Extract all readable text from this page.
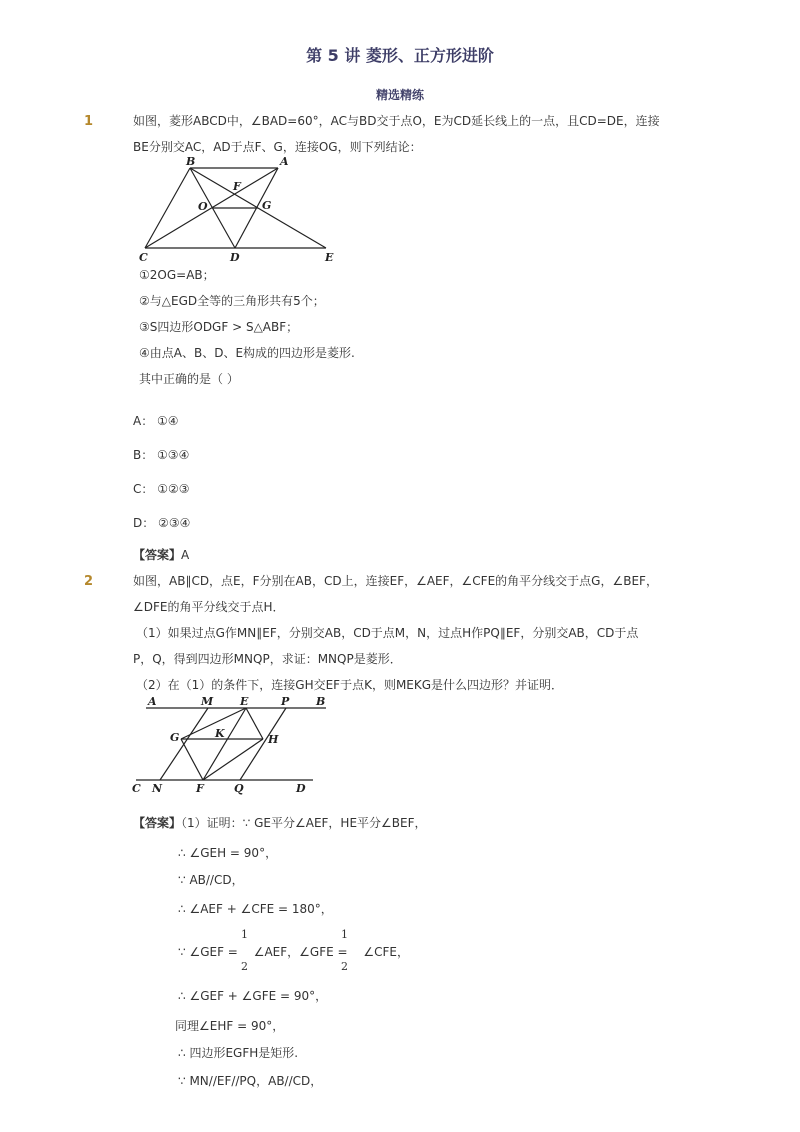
第 5 讲 菱形、正方形进阶
精选精练
1	如图，菱形ABCD中，∠BAD=60°，AC与BD交于点O，E为CD延长线上的一点，且CD=DE，连接
BE分别交AC，AD于点F、G，连接OG，则下列结论：
B	A
F
O	G
C	D	E
①2OG=AB；
②与△EGD全等的三角形共有5个；
③S四边形ODGF > S△ABF；
④由点A、B、D、E构成的四边形是菱形.
其中正确的是（ ）
A： ①④
B： ①③④
C： ①②③
D： ②③④
【答案】A
2	如图，AB∥CD，点E，F分别在AB，CD上，连接EF，∠AEF，∠CFE的角平分线交于点G，∠BEF，
∠DFE的角平分线交于点H．
（1）如果过点G作MN∥EF，分别交AB，CD于点M，N，过点H作PQ∥EF，分别交AB，CD于点
P，Q，得到四边形MNQP，求证：MNQP是菱形．
（2）在（1）的条件下，连接GH交EF于点K，则MEKG是什么四边形？并证明．
A	M E	P B
G	K	H
C N	F	Q	D
【答案】（1）证明：∵ GE平分∠AEF，HE平分∠BEF，
∴ ∠GEH = 90°，
∵ AB//CD，
∴ ∠AEF + ∠CFE = 180°，
∵ ∠GEF = ∠AEF，∠GFE = ∠CFE，
1
2
1
2
∴ ∠GEF + ∠GFE = 90°，
同理∠EHF = 90°，
∴ 四边形EGFH是矩形.
∵ MN//EF//PQ，AB//CD，
